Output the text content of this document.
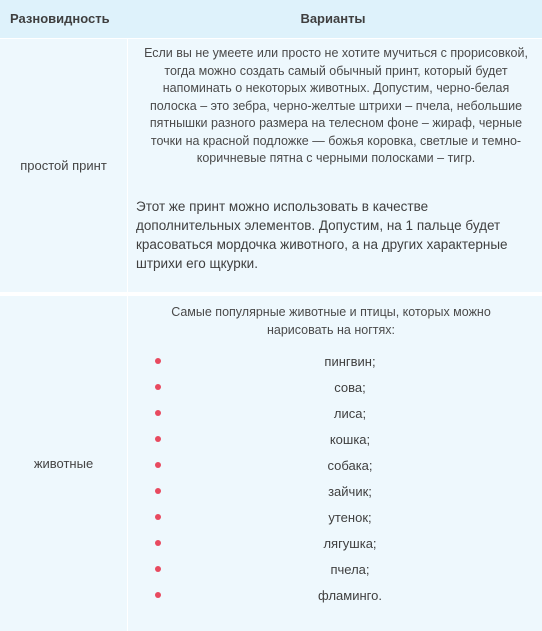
Разновидность	Варианты
простой принт

Если вы не умеете или просто не хотите мучиться с прорисовкой, тогда можно создать самый обычный принт, который будет напоминать о некоторых животных. Допустим, черно-белая полоска – это зебра, черно-желтые штрихи – пчела, небольшие пятнышки разного размера на телесном фоне – жираф, черные точки на красной подложке — божья коровка, светлые и темно-коричневые пятна с черными полосками – тигр.

Этот же принт можно использовать в качестве дополнительных элементов. Допустим, на 1 пальце будет красоваться мордочка животного, а на других характерные штрихи его щкурки.

животные

Самые популярные животные и птицы, которых можно нарисовать на ногтях:

пингвин;
сова;
лиса;
кошка;
собака;
зайчик;
утенок;
лягушка;
пчела;
фламинго.
